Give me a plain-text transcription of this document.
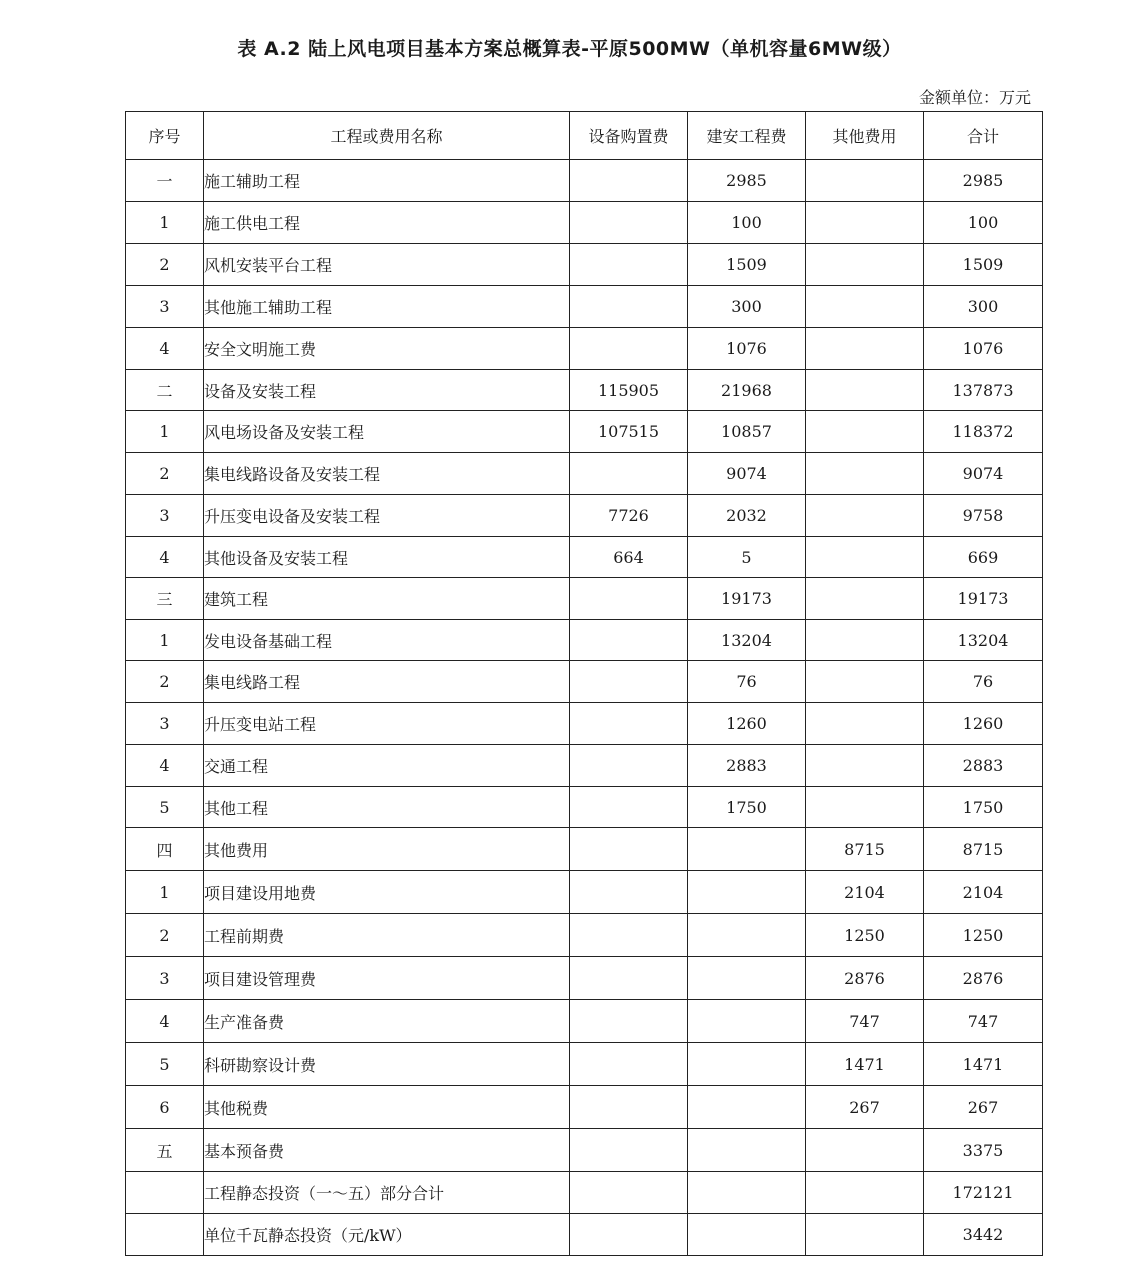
表 A.2 陆上风电项目基本方案总概算表-平原500MW（单机容量6MW级）
金额单位：万元
序号	工程或费用名称	设备购置费	建安工程费	其他费用	合计
一	施工辅助工程		2985		2985
1	施工供电工程		100		100
2	风机安装平台工程		1509		1509
3	其他施工辅助工程		300		300
4	安全文明施工费		1076		1076
二	设备及安装工程	115905	21968		137873
1	风电场设备及安装工程	107515	10857		118372
2	集电线路设备及安装工程		9074		9074
3	升压变电设备及安装工程	7726	2032		9758
4	其他设备及安装工程	664	5		669
三	建筑工程		19173		19173
1	发电设备基础工程		13204		13204
2	集电线路工程		76		76
3	升压变电站工程		1260		1260
4	交通工程		2883		2883
5	其他工程		1750		1750
四	其他费用			8715	8715
1	项目建设用地费			2104	2104
2	工程前期费			1250	1250
3	项目建设管理费			2876	2876
4	生产准备费			747	747
5	科研勘察设计费			1471	1471
6	其他税费			267	267
五	基本预备费				3375
	工程静态投资（一～五）部分合计				172121
	单位千瓦静态投资（元/kW）				3442
